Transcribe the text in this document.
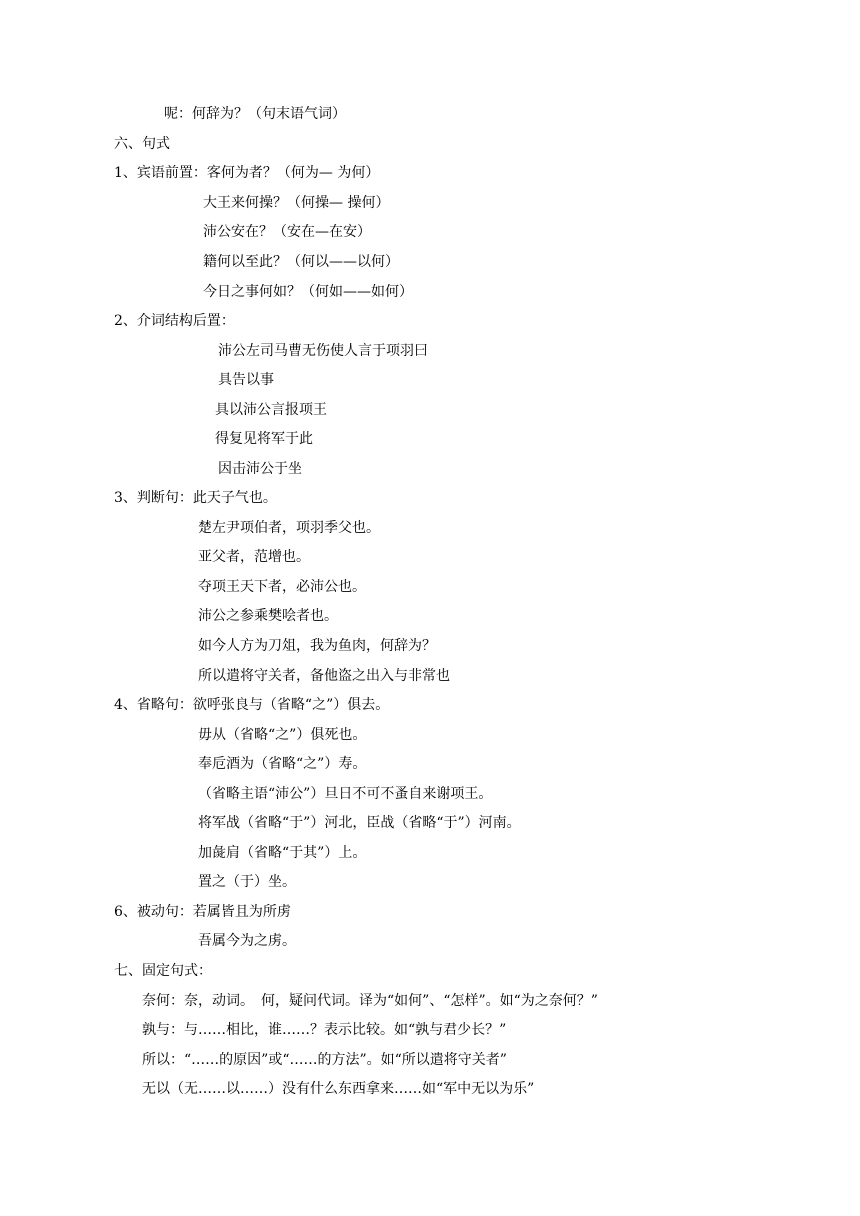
呢：何辞为？（句末语气词）
六、句式
1、宾语前置：客何为者？（何为— 为何）
大王来何操？（何操— 操何）
沛公安在？（安在—在安）
籍何以至此？（何以——以何）
今日之事何如？（何如——如何）
2、介词结构后置：
沛公左司马曹无伤使人言于项羽曰
具告以事
具以沛公言报项王
得复见将军于此
因击沛公于坐
3、判断句：此天子气也。
楚左尹项伯者，项羽季父也。
亚父者，范增也。
夺项王天下者，必沛公也。
沛公之参乘樊哙者也。
如今人方为刀俎，我为鱼肉，何辞为？
所以遣将守关者，备他盗之出入与非常也
4、省略句：欲呼张良与（省略“之”）俱去。
毋从（省略“之”）俱死也。
奉卮酒为（省略“之”）寿。
（省略主语“沛公”）旦日不可不蚤自来谢项王。
将军战（省略“于”）河北，臣战（省略“于”）河南。
加彘肩（省略“于其”）上。
置之（于）坐。
6、被动句：若属皆且为所虏
吾属今为之虏。
七、固定句式：
奈何：奈，动词。　何，疑问代词。译为“如何”、“怎样”。如“为之奈何？”
孰与：与……相比，谁……？表示比较。如“孰与君少长？”
所以：“……的原因”或“……的方法”。如“所以遣将守关者”
无以（无……以……）没有什么东西拿来……如“军中无以为乐”
